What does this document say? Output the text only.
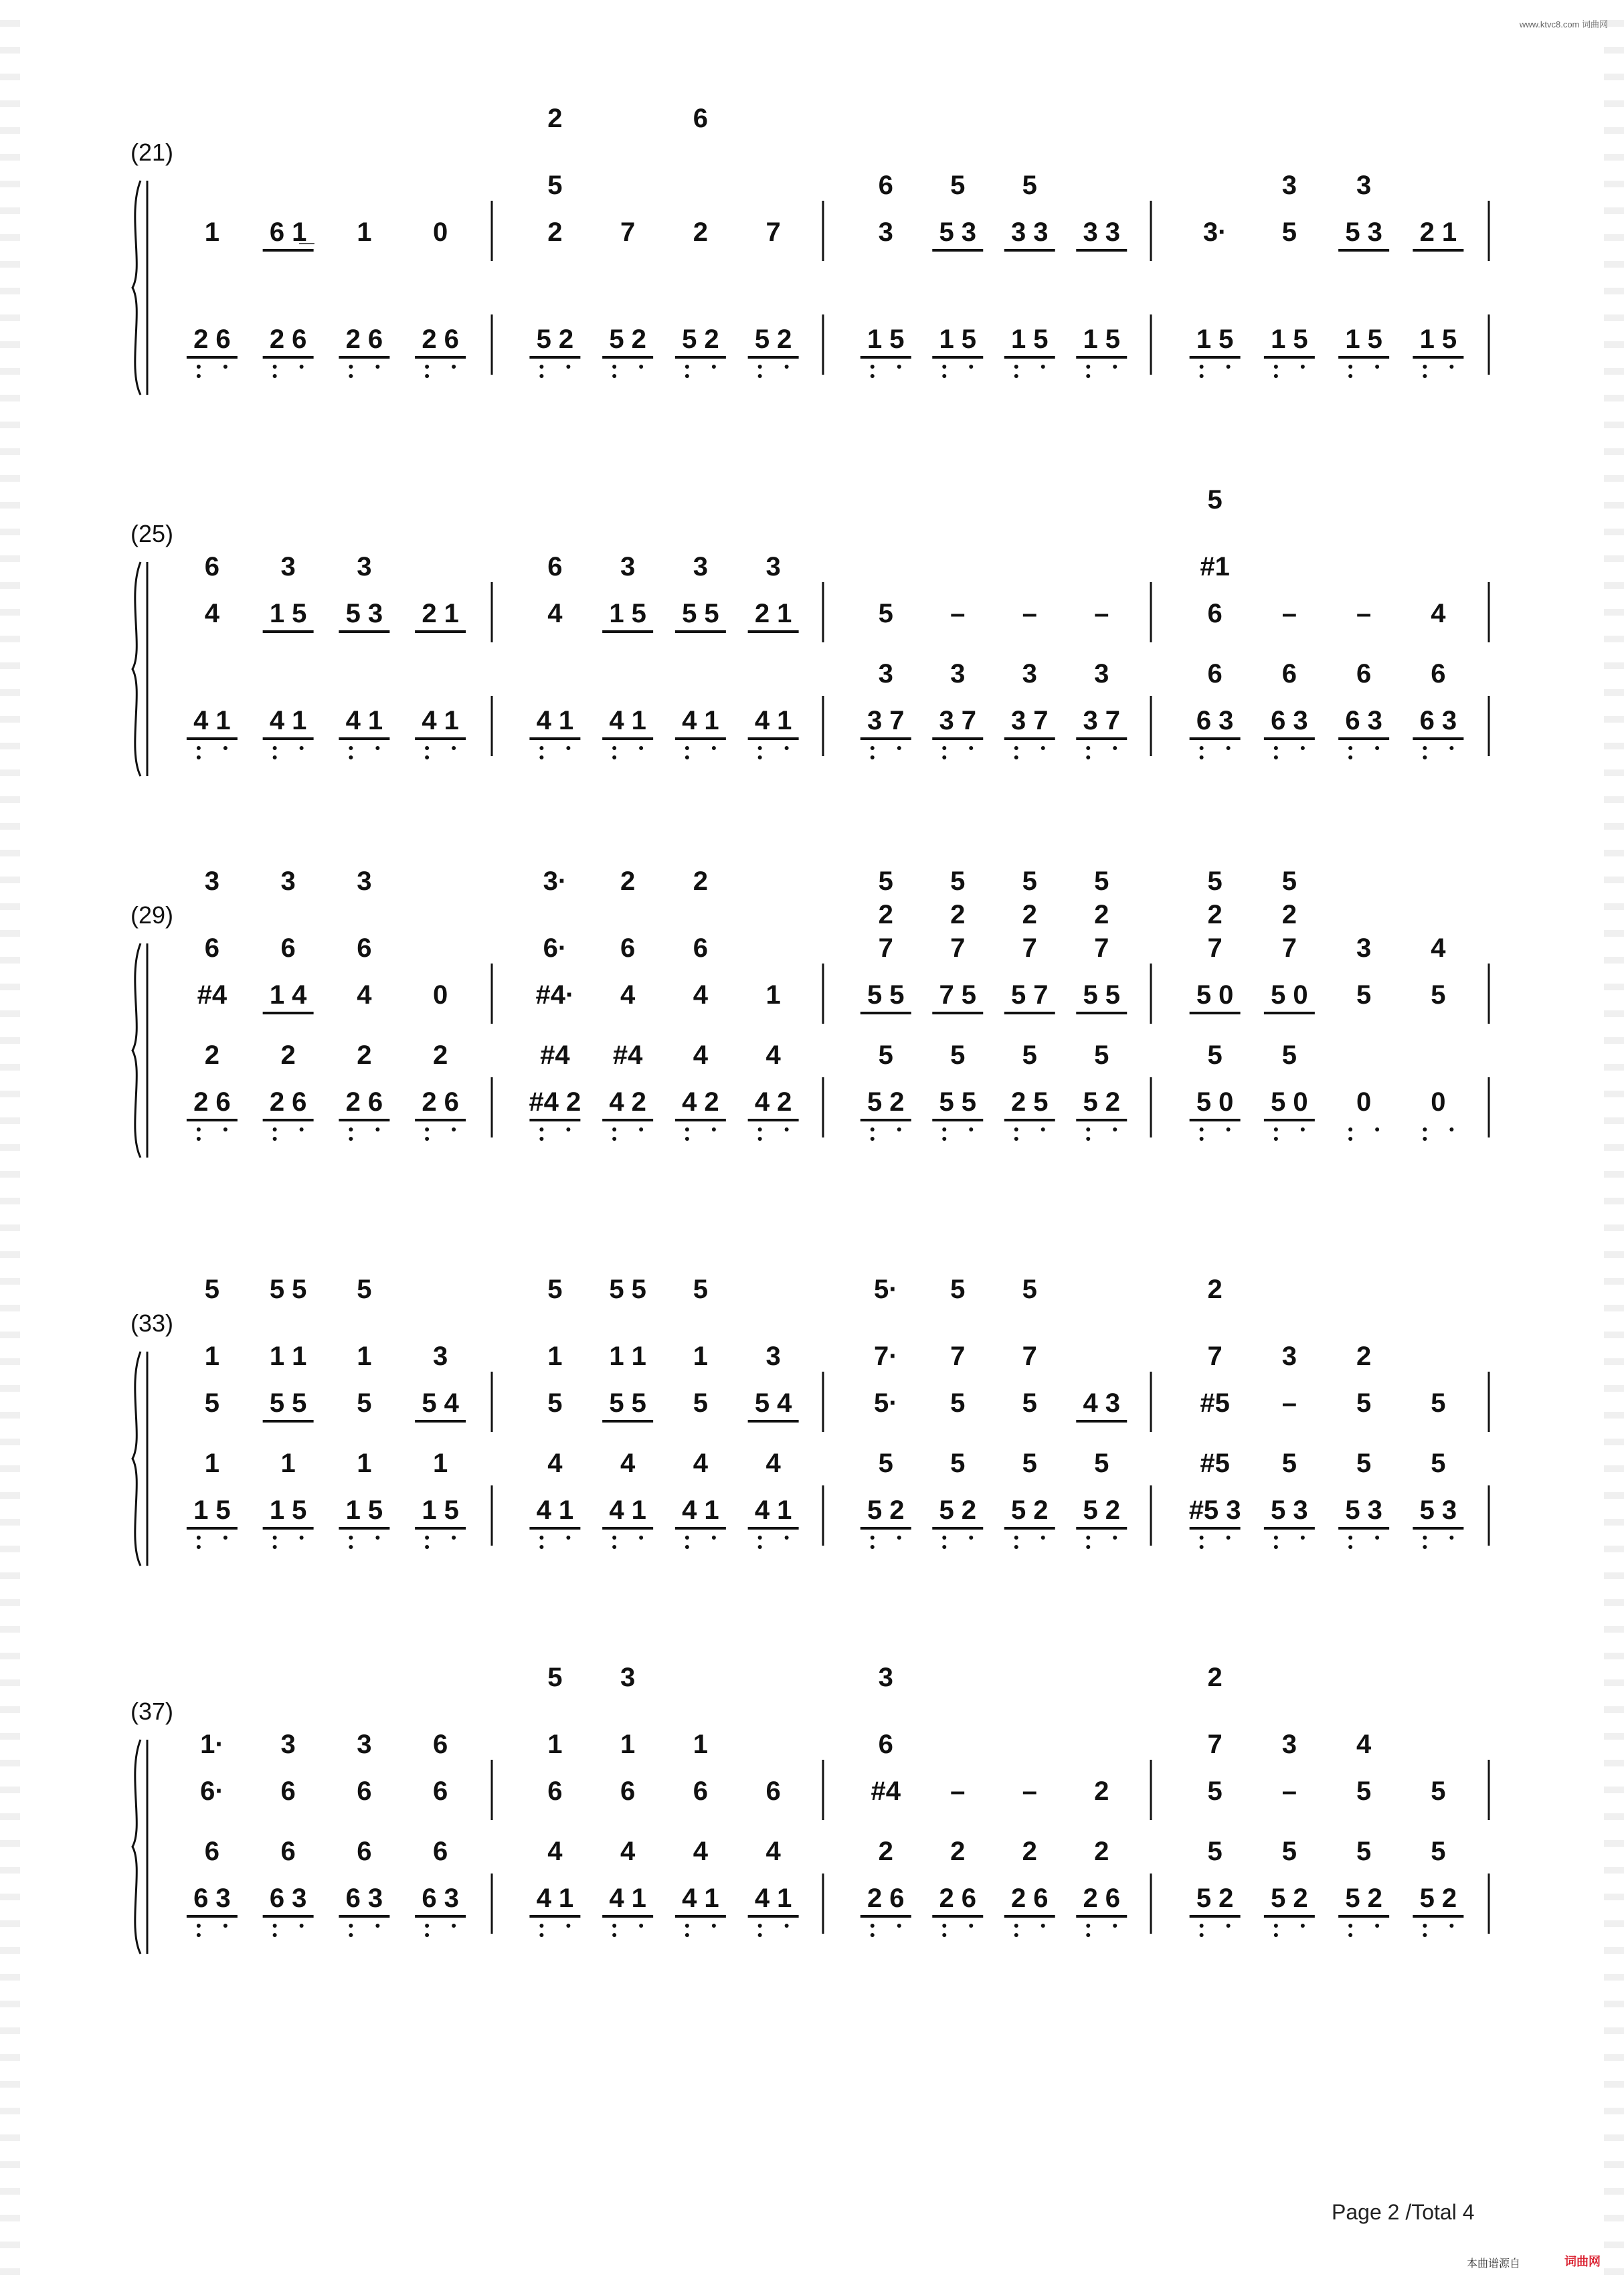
www.ktvc8.com 词曲网
(21)
1 6 1̲ 1 0
2 6 2 6 2 6 2 6
2	6
5
2 7 2 7
5 2 5 2 5 2 5 2
6 5 5
3 5 3 3 3 3 3
1 5 1 5 1 5 1 5
3 3
3· 5 5 3 2 1
1 5 1 5 1 5 1 5
(25)
6 3 3
4 1 5 5 3 2 1
4 1 4 1 4 1 4 1
6 3 3 3
4 1 5 5 5 2 1
4 1 4 1 4 1 4 1
5 – – –
3 3 3 3
3 7 3 7 3 7 3 7
5
#1
6 – – 4
6 6 6 6
6 3 6 3 6 3 6 3
(29)
3 3 3
6 6 6
#4 1 4 4 0
2 2 2 2
2 6 2 6 2 6 2 6
3· 2 2
6· 6 6
#4· 4 4 1
#4 #4 4 4
#4 2 4 2 4 2 4 2
5 5 5 5
2 2 2 2
7 7 7 7
5 5 7 5 5 7 5 5
5 5 5 5
5 2 5 5 2 5 5 2
5 5
2 2
7 7 3 4
5 0 5 0 5 5
5 5
5 0 5 0 0 0
(33)
5 5 5 5
1 1 1 1 3
5 5 5 5 5 4
1 1 1 1
1 5 1 5 1 5 1 5
5 5 5 5
1 1 1 1 3
5 5 5 5 5 4
4 4 4 4
4 1 4 1 4 1 4 1
5· 5 5
7· 7 7
5· 5 5 4 3
5 5 5 5
5 2 5 2 5 2 5 2
2
7 3 2
#5 – 5 5
#5 5 5 5
#5 3 5 3 5 3 5 3
(37)
1· 3 3 6
6· 6 6 6
6 6 6 6
6 3 6 3 6 3 6 3
5 3
1 1 1
6 6 6 6
4 4 4 4
4 1 4 1 4 1 4 1
3
6
#4 – – 2
2 2 2 2
2 6 2 6 2 6 2 6
2
7 3 4
5 – 5 5
5 5 5 5
5 2 5 2 5 2 5 2
Page 2 /Total 4
本曲谱源自	词曲网
